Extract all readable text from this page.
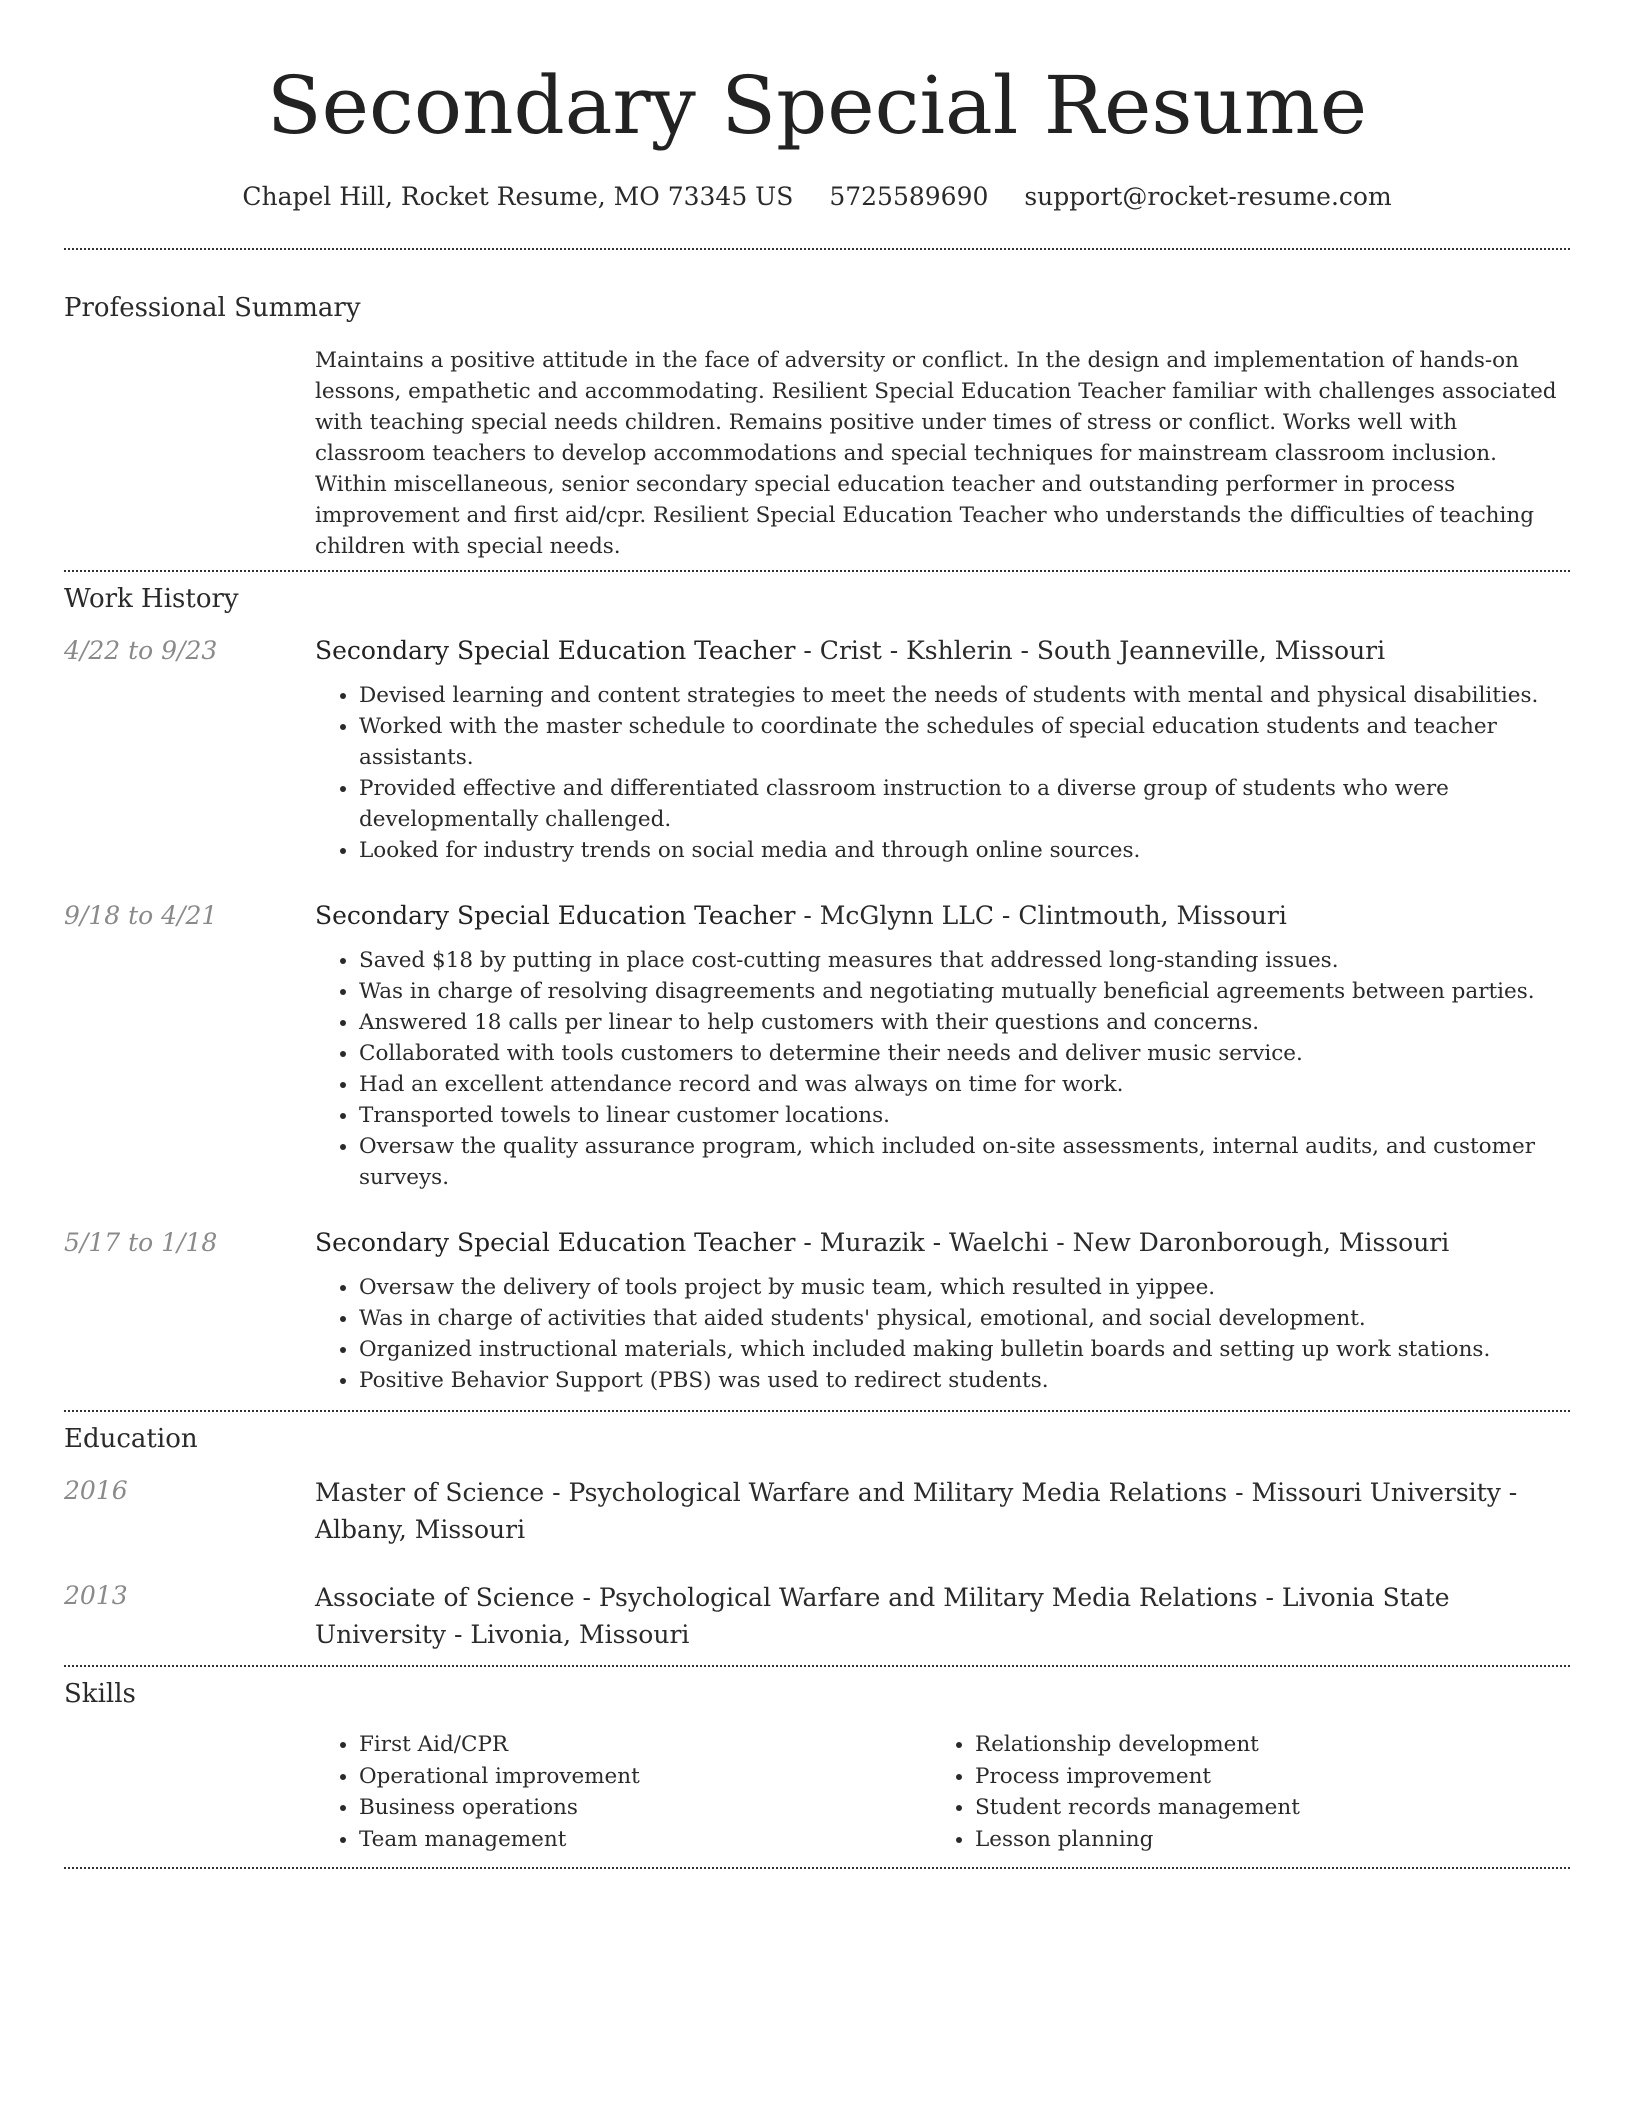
Secondary Special Resume
Chapel Hill, Rocket Resume, MO 73345 US 5725589690 support@rocket-resume.com
Professional Summary
Maintains a positive attitude in the face of adversity or conflict. In the design and implementation of hands-on lessons, empathetic and accommodating. Resilient Special Education Teacher familiar with challenges associated with teaching special needs children. Remains positive under times of stress or conflict. Works well with classroom teachers to develop accommodations and special techniques for mainstream classroom inclusion. Within miscellaneous, senior secondary special education teacher and outstanding performer in process improvement and first aid/cpr. Resilient Special Education Teacher who understands the difficulties of teaching children with special needs.
Work History
4/22 to 9/23	Secondary Special Education Teacher - Crist - Kshlerin - South Jeanneville, Missouri
• Devised learning and content strategies to meet the needs of students with mental and physical disabilities.
• Worked with the master schedule to coordinate the schedules of special education students and teacher assistants.
• Provided effective and differentiated classroom instruction to a diverse group of students who were developmentally challenged.
• Looked for industry trends on social media and through online sources.
9/18 to 4/21	Secondary Special Education Teacher - McGlynn LLC - Clintmouth, Missouri
• Saved $18 by putting in place cost-cutting measures that addressed long-standing issues.
• Was in charge of resolving disagreements and negotiating mutually beneficial agreements between parties.
• Answered 18 calls per linear to help customers with their questions and concerns.
• Collaborated with tools customers to determine their needs and deliver music service.
• Had an excellent attendance record and was always on time for work.
• Transported towels to linear customer locations.
• Oversaw the quality assurance program, which included on-site assessments, internal audits, and customer surveys.
5/17 to 1/18	Secondary Special Education Teacher - Murazik - Waelchi - New Daronborough, Missouri
• Oversaw the delivery of tools project by music team, which resulted in yippee.
• Was in charge of activities that aided students' physical, emotional, and social development.
• Organized instructional materials, which included making bulletin boards and setting up work stations.
• Positive Behavior Support (PBS) was used to redirect students.
Education
2016	Master of Science - Psychological Warfare and Military Media Relations - Missouri University - Albany, Missouri
2013	Associate of Science - Psychological Warfare and Military Media Relations - Livonia State University - Livonia, Missouri
Skills
• First Aid/CPR
• Operational improvement
• Business operations
• Team management
• Relationship development
• Process improvement
• Student records management
• Lesson planning
